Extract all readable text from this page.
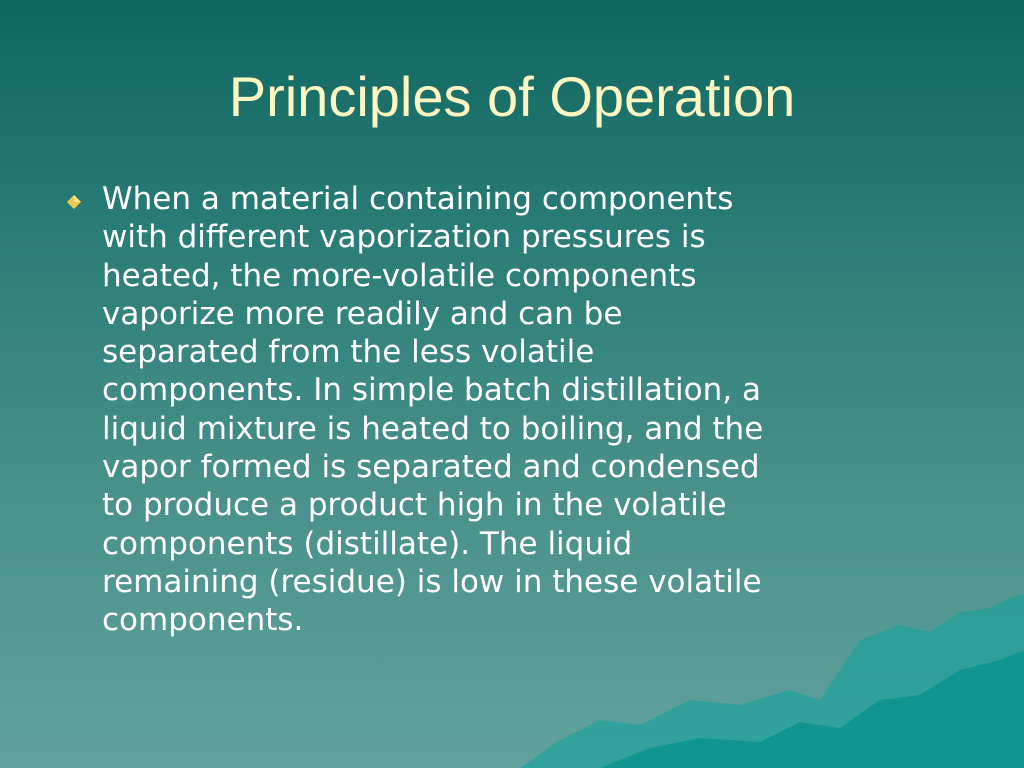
Principles of Operation
When a material containing components
with different vaporization pressures is
heated, the more-volatile components
vaporize more readily and can be
separated from the less volatile
components. In simple batch distillation, a
liquid mixture is heated to boiling, and the
vapor formed is separated and condensed
to produce a product high in the volatile
components (distillate). The liquid
remaining (residue) is low in these volatile
components.
